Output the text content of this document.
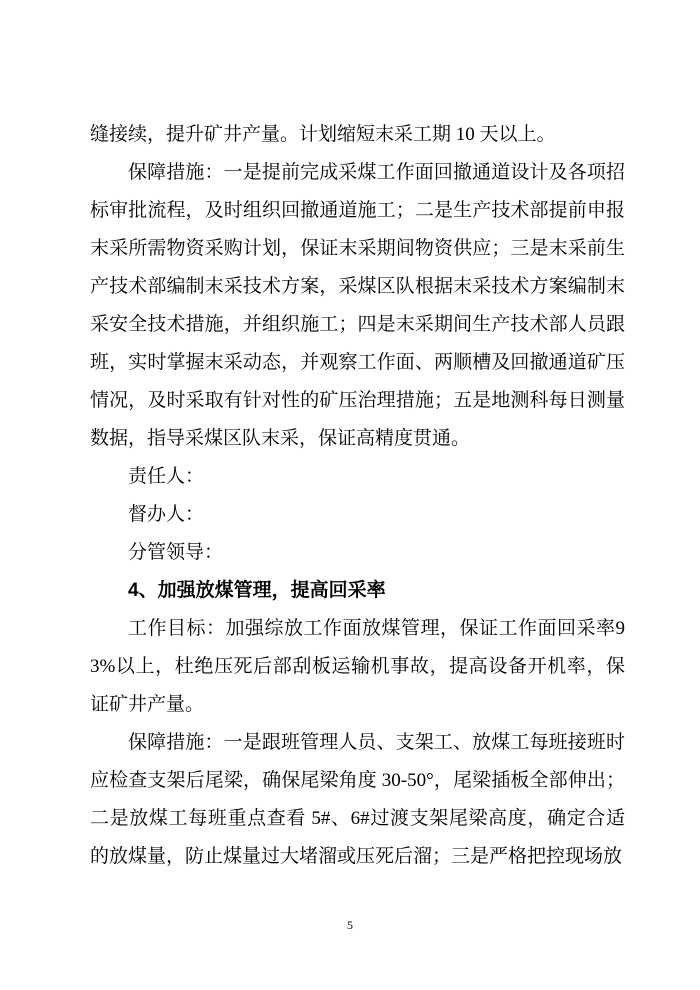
缝接续，提升矿井产量。计划缩短末采工期 10 天以上。

保障措施：一是提前完成采煤工作面回撤通道设计及各项招标审批流程，及时组织回撤通道施工；二是生产技术部提前申报末采所需物资采购计划，保证末采期间物资供应；三是末采前生产技术部编制末采技术方案，采煤区队根据末采技术方案编制末采安全技术措施，并组织施工；四是末采期间生产技术部人员跟班，实时掌握末采动态，并观察工作面、两顺槽及回撤通道矿压情况，及时采取有针对性的矿压治理措施；五是地测科每日测量数据，指导采煤区队末采，保证高精度贯通。

责任人：

督办人：

分管领导：

4、加强放煤管理，提高回采率

工作目标：加强综放工作面放煤管理，保证工作面回采率93%以上，杜绝压死后部刮板运输机事故，提高设备开机率，保证矿井产量。

保障措施：一是跟班管理人员、支架工、放煤工每班接班时应检查支架后尾梁，确保尾梁角度 30-50°，尾梁插板全部伸出；二是放煤工每班重点查看 5#、6#过渡支架尾梁高度，确定合适的放煤量，防止煤量过大堵溜或压死后溜；三是严格把控现场放

5
